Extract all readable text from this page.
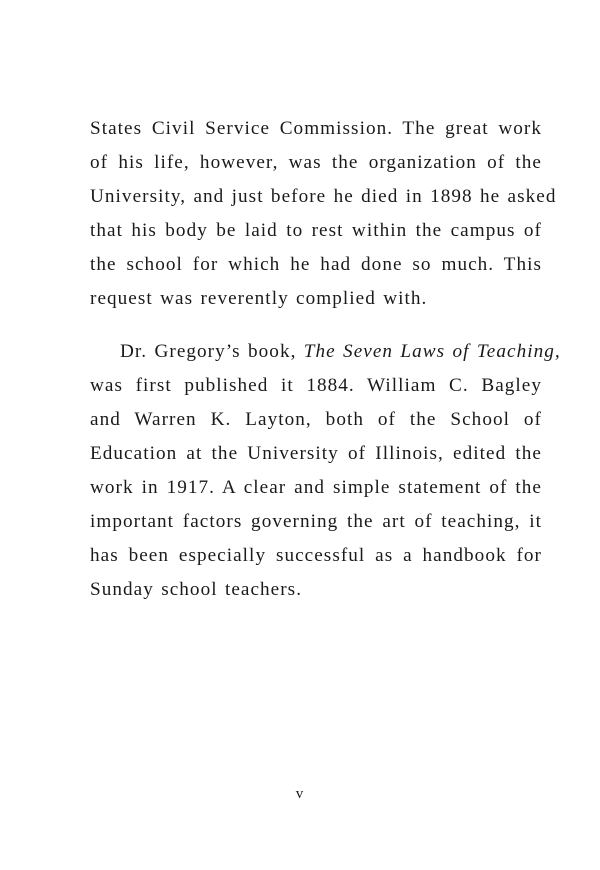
States Civil Service Commission. The great work
of his life, however, was the organization of the
University, and just before he died in 1898 he asked
that his body be laid to rest within the campus of
the school for which he had done so much. This
request was reverently complied with.

Dr. Gregory’s book, The Seven Laws of Teaching,
was first published it 1884. William C. Bagley
and Warren K. Layton, both of the School of
Education at the University of Illinois, edited the
work in 1917. A clear and simple statement of the
important factors governing the art of teaching, it
has been especially successful as a handbook for
Sunday school teachers.

v
